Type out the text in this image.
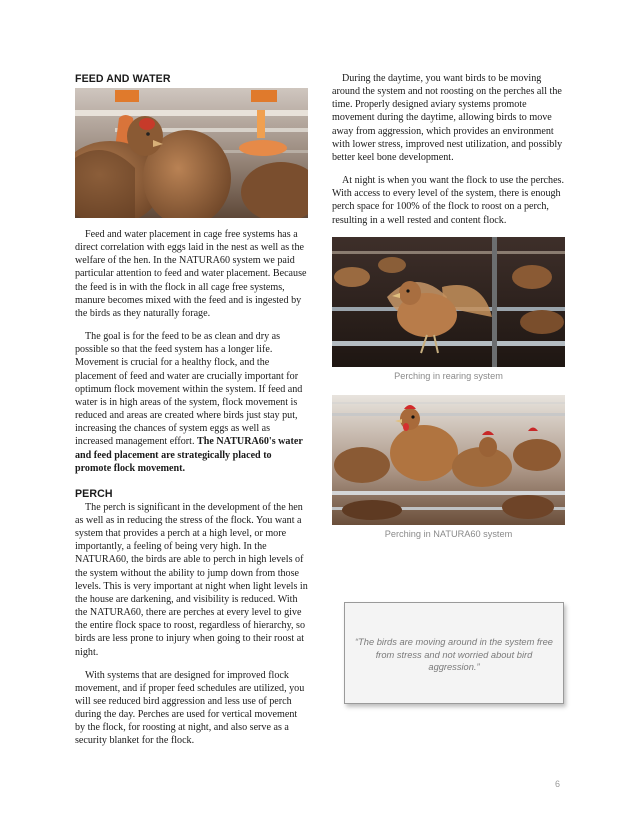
FEED AND WATER

Feed and water placement in cage free systems has a direct correlation with eggs laid in the nest as well as the welfare of the hen. In the NATURA60 system we paid particular attention to feed and water placement. Because the feed is in with the flock in all cage free systems, manure becomes mixed with the feed and is ingested by the birds as they naturally forage.

The goal is for the feed to be as clean and dry as possible so that the feed system has a longer life. Movement is crucial for a healthy flock, and the placement of feed and water are crucially important for optimum flock movement within the system. If feed and water is in high areas of the system, flock movement is reduced and areas are created where birds just stay put, increasing the chances of system eggs as well as increased management effort. The NATURA60's water and feed placement are strategically placed to promote flock movement.

PERCH

The perch is significant in the development of the hen as well as in reducing the stress of the flock. You want a system that provides a perch at a high level, or more importantly, a feeling of being very high. In the NATURA60, the birds are able to perch in high levels of the system without the ability to jump down from those levels. This is very important at night when light levels in the house are darkening, and visibility is reduced. With the NATURA60, there are perches at every level to give the entire flock space to roost, regardless of hierarchy, so birds are less prone to injury when going to their roost at night.

With systems that are designed for improved flock movement, and if proper feed schedules are utilized, you will see reduced bird aggression and less use of perch during the day. Perches are used for vertical movement by the flock, for roosting at night, and also serve as a security blanket for the flock.

During the daytime, you want birds to be moving around the system and not roosting on the perches all the time. Properly designed aviary systems promote movement during the daytime, allowing birds to move away from aggression, which provides an environment with lower stress, improved nest utilization, and possibly better keel bone development.

At night is when you want the flock to use the perches. With access to every level of the system, there is enough perch space for 100% of the flock to roost on a perch, resulting in a well rested and content flock.

Perching in rearing system
Perching in NATURA60 system
“The birds are moving around in the system free from stress and not worried about bird aggression.”
6
